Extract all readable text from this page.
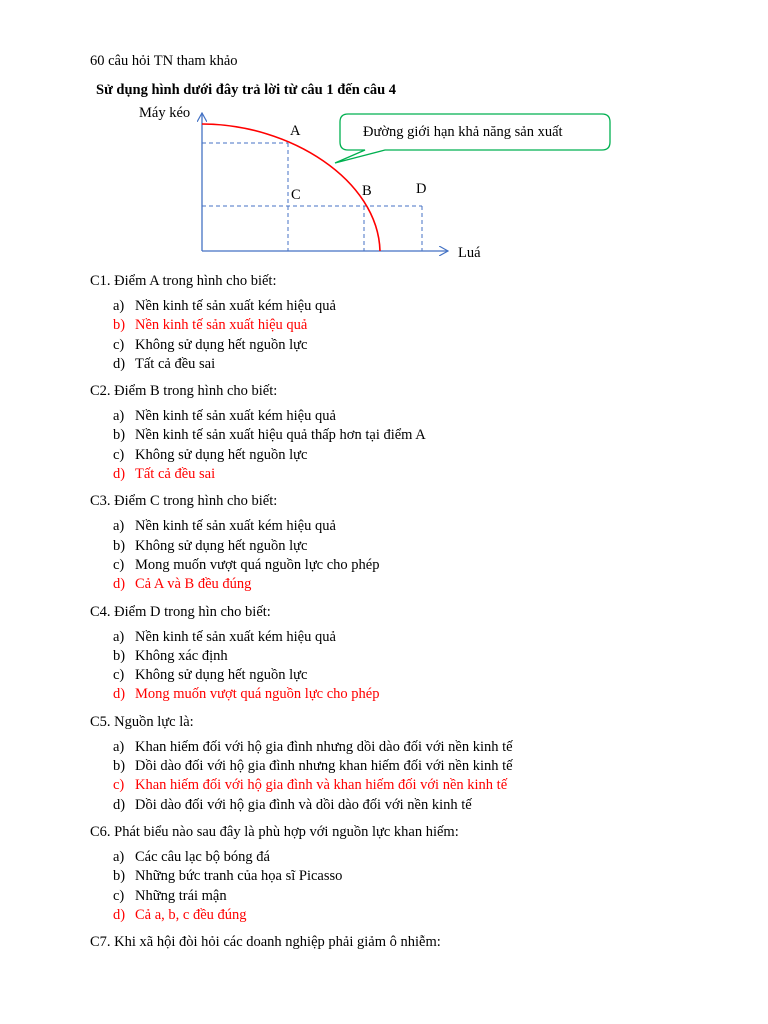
60 câu hỏi TN tham khảo
Sử dụng hình dưới đây trả lời từ câu 1 đến câu 4
Máy kéo
Luá
Đường giới hạn khả năng sản xuất
A
C	B	D
C1. Điểm A trong hình cho biết:
a) Nền kinh tế sản xuất kém hiệu quả
b) Nền kinh tế sản xuất hiệu quả
c) Không sử dụng hết nguồn lực
d) Tất cả đều sai
C2. Điểm B trong hình cho biết:
a) Nền kinh tế sản xuất kém hiệu quả
b) Nền kinh tế sản xuất hiệu quả thấp hơn tại điểm A
c) Không sử dụng hết nguồn lực
d) Tất cả đều sai
C3. Điểm C trong hình cho biết:
a) Nền kinh tế sản xuất kém hiệu quả
b) Không sử dụng hết nguồn lực
c) Mong muốn vượt quá nguồn lực cho phép
d) Cả A và B đều đúng
C4. Điểm D trong hìn cho biết:
a) Nền kinh tế sản xuất kém hiệu quả
b) Không xác định
c) Không sử dụng hết nguồn lực
d) Mong muốn vượt quá nguồn lực cho phép
C5. Nguồn lực là:
a) Khan hiếm đối với hộ gia đình nhưng dồi dào đối với nền kinh tế
b) Dồi dào đối với hộ gia đình nhưng khan hiếm đối với nền kinh tế
c) Khan hiếm đối với hộ gia đình và khan hiếm đối với nền kinh tế
d) Dồi dào đối với hộ gia đình và dồi dào đối với nền kinh tế
C6. Phát biểu nào sau đây là phù hợp với nguồn lực khan hiếm:
a) Các câu lạc bộ bóng đá
b) Những bức tranh của họa sĩ Picasso
c) Những trái mận
d) Cả a, b, c đều đúng
C7. Khi xã hội đòi hỏi các doanh nghiệp phải giảm ô nhiễm:
